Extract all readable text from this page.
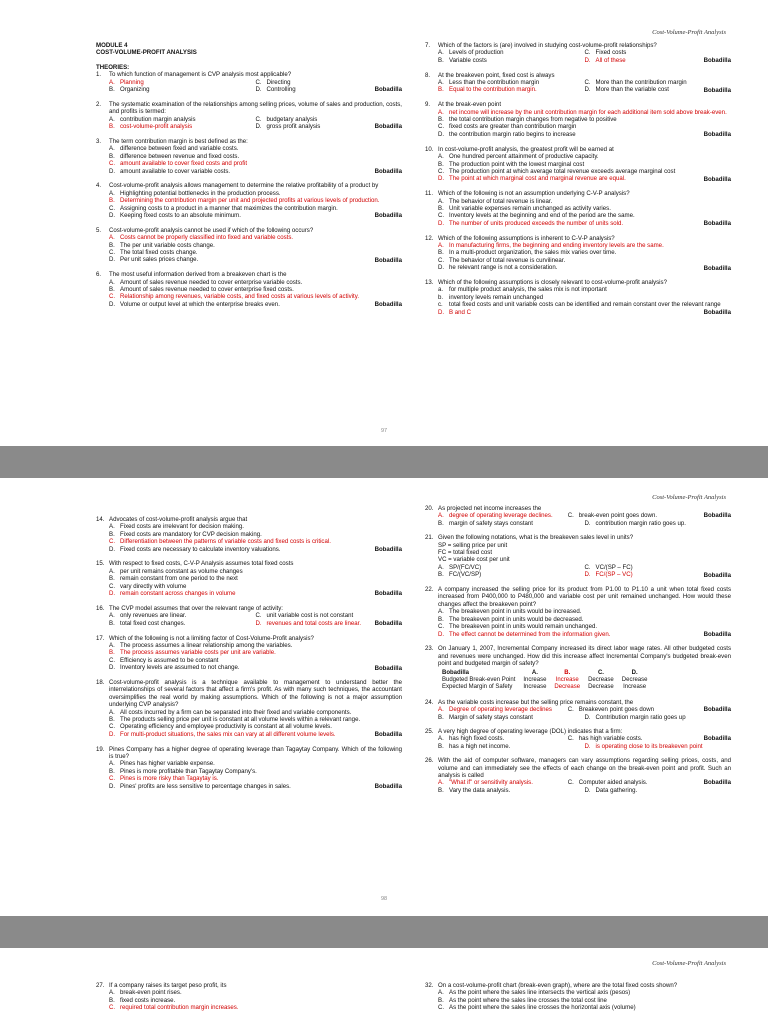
Cost-Volume-Profit Analysis
MODULE 4
COST-VOLUME-PROFIT ANALYSIS
THEORIES:
1.	To which function of management is CVP analysis most applicable?
A. Planning	C. Directing
B. Organizing	D. Controlling	Bobadilla
2.	The systematic examination of the relationships among selling prices, volume of sales and production, costs, and profits is termed:
A. contribution margin analysis	C. budgetary analysis
B. cost-volume-profit analysis	D. gross profit analysis	Bobadilla
3.	The term contribution margin is best defined as the:
A. difference between fixed and variable costs.
B. difference between revenue and fixed costs.
C. amount available to cover fixed costs and profit
D. amount available to cover variable costs.	Bobadilla
4.	Cost-volume-profit analysis allows management to determine the relative profitability of a product by
A. Highlighting potential bottlenecks in the production process.
B. Determining the contribution margin per unit and projected profits at various levels of production.
C. Assigning costs to a product in a manner that maximizes the contribution margin.
D. Keeping fixed costs to an absolute minimum.	Bobadilla
5.	Cost-volume-profit analysis cannot be used if which of the following occurs?
A. Costs cannot be properly classified into fixed and variable costs.
B. The per unit variable costs change.
C. The total fixed costs change.
D. Per unit sales prices change.	Bobadilla
6.	The most useful information derived from a breakeven chart is the
A. Amount of sales revenue needed to cover enterprise variable costs.
B. Amount of sales revenue needed to cover enterprise fixed costs.
C. Relationship among revenues, variable costs, and fixed costs at various levels of activity.
D. Volume or output level at which the enterprise breaks even.	Bobadilla
7.	Which of the factors is (are) involved in studying cost-volume-profit relationships?
A. Levels of production	C. Fixed costs
B. Variable costs	D. All of these	Bobadilla
8.	At the breakeven point, fixed cost is always
A. Less than the contribution margin	C. More than the contribution margin
B. Equal to the contribution margin.	D. More than the variable cost	Bobadilla
9.	At the break-even point
A. net income will increase by the unit contribution margin for each additional item sold above break-even.
B. the total contribution margin changes from negative to positive
C. fixed costs are greater than contribution margin
D. the contribution margin ratio begins to increase	Bobadilla
10. In cost-volume-profit analysis, the greatest profit will be earned at
A. One hundred percent attainment of productive capacity.
B. The production point with the lowest marginal cost
C. The production point at which average total revenue exceeds average marginal cost
D. The point at which marginal cost and marginal revenue are equal.	Bobadilla
11. Which of the following is not an assumption underlying C-V-P analysis?
A. The behavior of total revenue is linear.
B. Unit variable expenses remain unchanged as activity varies.
C. Inventory levels at the beginning and end of the period are the same.
D. The number of units produced exceeds the number of units sold.	Bobadilla
12. Which of the following assumptions is inherent to C-V-P analysis?
A. In manufacturing firms, the beginning and ending inventory levels are the same.
B. In a multi-product organization, the sales mix varies over time.
C. The behavior of total revenue is curvilinear.
D. he relevant range is not a consideration.	Bobadilla
13. Which of the following assumptions is closely relevant to cost-volume-profit analysis?
a. for multiple product analysis, the sales mix is not important
b. inventory levels remain unchanged
c.	total fixed costs and unit variable costs can be identified and remain constant over the relevant range
D. B and C	Bobadilla
97
Cost-Volume-Profit Analysis
14. Advocates of cost-volume-profit analysis argue that
A. Fixed costs are irrelevant for decision making.
B. Fixed costs are mandatory for CVP decision making.
C. Differentiation between the patterns of variable costs and fixed costs is critical.
D. Fixed costs are necessary to calculate inventory valuations.	Bobadilla
15. With respect to fixed costs, C-V-P Analysis assumes total fixed costs
A. per unit remains constant as volume changes
B. remain constant from one period to the next
C. vary directly with volume
D. remain constant across changes in volume	Bobadilla
16. The CVP model assumes that over the relevant range of activity:
A. only revenues are linear.	C. unit variable cost is not constant
B. total fixed cost changes.	D. revenues and total costs are linear.	Bobadilla
17. Which of the following is not a limiting factor of Cost-Volume-Profit analysis?
A. The process assumes a linear relationship among the variables.
B. The process assumes variable costs per unit are variable.
C. Efficiency is assumed to be constant
D. Inventory levels are assumed to not change.	Bobadilla
18. Cost-volume-profit analysis is a technique available to management to understand better the interrelationships of several factors that affect a firm's profit. As with many such techniques, the accountant oversimplifies the real world by making assumptions. Which of the following is not a major assumption underlying CVP analysis?
A. All costs incurred by a firm can be separated into their fixed and variable components.
B. The products selling price per unit is constant at all volume levels within a relevant range.
C. Operating efficiency and employee productivity is constant at all volume levels.
D. For multi-product situations, the sales mix can vary at all different volume levels.	Bobadilla
19. Pines Company has a higher degree of operating leverage than Tagaytay Company. Which of the following is true?
A. Pines has higher variable expense.
B. Pines is more profitable than Tagaytay Company's.
C. Pines is more risky than Tagaytay is.
D. Pines' profits are less sensitive to percentage changes in sales.	Bobadilla
20. As projected net income increases the
A. degree of operating leverage declines.	C. break-even point goes down.	Bobadilla
B. margin of safety stays constant	D. contribution margin ratio goes up.
21. Given the following notations, what is the breakeven sales level in units?
SP = selling price per unit
FC = total fixed cost
VC = variable cost per unit
A. SP/(FC/VC)	C. VC/(SP – FC)
B. FC/(VC/SP)	D. FC/(SP – VC)	Bobadilla
22. A company increased the selling price for its product from P1.00 to P1.10 a unit when total fixed costs increased from P400,000 to P480,000 and variable cost per unit remained unchanged. How would these changes affect the breakeven point?
A. The breakeven point in units would be increased.
B. The breakeven point in units would be decreased.
C. The breakeven point in units would remain unchanged.
D. The effect cannot be determined from the information given.	Bobadilla
23. On January 1, 2007, Incremental Company increased its direct labor wage rates. All other budgeted costs and revenues were unchanged. How did this increase affect Incremental Company's budgeted break-even point and budgeted margin of safety?
Bobadilla	A.	B.	C.	D.
Budgeted Break-even Point	Increase	Increase	Decrease	Decrease
Expected Margin of Safety	Increase	Decrease	Decrease	Increase
24. As the variable costs increase but the selling price remains constant, the
A. Degree of operating leverage declines	C. Breakeven point goes down	Bobadilla
B. Margin of safety stays constant	D. Contribution margin ratio goes up
25. A very high degree of operating leverage (DOL) indicates that a firm:
A. has high fixed costs.	C. has high variable costs.	Bobadilla
B. has a high net income.	D. is operating close to its breakeven point
26. With the aid of computer software, managers can vary assumptions regarding selling prices, costs, and volume and can immediately see the effects of each change on the break-even point and profit. Such an analysis is called
A. "What if" or sensitivity analysis.	C. Computer aided analysis.	Bobadilla
B. Vary the data analysis.	D. Data gathering.
98
Cost-Volume-Profit Analysis
27. If a company raises its target peso profit, its
A. break-even point rises.
B. fixed costs increase.
C. required total contribution margin increases.
32. On a cost-volume-profit chart (break-even graph), where are the total fixed costs shown?
A. As the point where the sales line intersects the vertical axis (pesos)
B. As the point where the sales line crosses the total cost line
C. As the point where the sales line crosses the horizontal axis (volume)
